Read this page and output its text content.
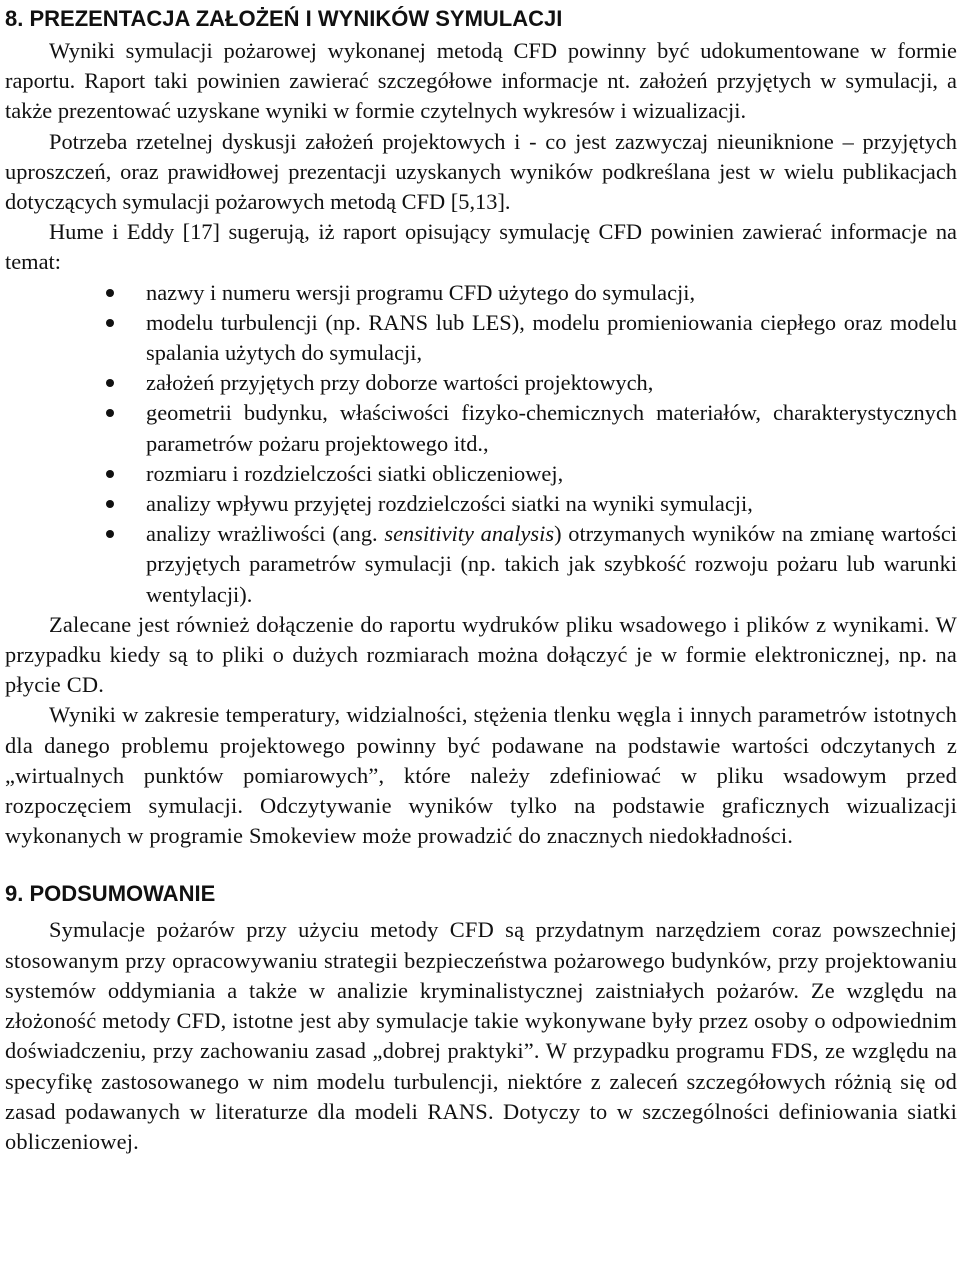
8. PREZENTACJA ZAŁOŻEŃ I WYNIKÓW SYMULACJI

Wyniki symulacji pożarowej wykonanej metodą CFD powinny być udokumentowane w formie raportu. Raport taki powinien zawierać szczegółowe informacje nt. założeń przyjętych w symulacji, a także prezentować uzyskane wyniki w formie czytelnych wykresów i wizualizacji.

Potrzeba rzetelnej dyskusji założeń projektowych i - co jest zazwyczaj nieuniknione – przyjętych uproszczeń, oraz prawidłowej prezentacji uzyskanych wyników podkreślana jest w wielu publikacjach dotyczących symulacji pożarowych metodą CFD [5,13].

Hume i Eddy [17] sugerują, iż raport opisujący symulację CFD powinien zawierać informacje na temat:

nazwy i numeru wersji programu CFD użytego do symulacji,
modelu turbulencji (np. RANS lub LES), modelu promieniowania ciepłego oraz modelu spalania użytych do symulacji,
założeń przyjętych przy doborze wartości projektowych,
geometrii budynku, właściwości fizyko-chemicznych materiałów, charakterystycznych parametrów pożaru projektowego itd.,
rozmiaru i rozdzielczości siatki obliczeniowej,
analizy wpływu przyjętej rozdzielczości siatki na wyniki symulacji,
analizy wrażliwości (ang. sensitivity analysis) otrzymanych wyników na zmianę wartości przyjętych parametrów symulacji (np. takich jak szybkość rozwoju pożaru lub warunki wentylacji).

Zalecane jest również dołączenie do raportu wydruków pliku wsadowego i plików z wynikami. W przypadku kiedy są to pliki o dużych rozmiarach można dołączyć je w formie elektronicznej, np. na płycie CD.

Wyniki w zakresie temperatury, widzialności, stężenia tlenku węgla i innych parametrów istotnych dla danego problemu projektowego powinny być podawane na podstawie wartości odczytanych z „wirtualnych punktów pomiarowych”, które należy zdefiniować w pliku wsadowym przed rozpoczęciem symulacji. Odczytywanie wyników tylko na podstawie graficznych wizualizacji wykonanych w programie Smokeview może prowadzić do znacznych niedokładności.

9. PODSUMOWANIE

Symulacje pożarów przy użyciu metody CFD są przydatnym narzędziem coraz powszechniej stosowanym przy opracowywaniu strategii bezpieczeństwa pożarowego budynków, przy projektowaniu systemów oddymiania a także w analizie kryminalistycznej zaistniałych pożarów. Ze względu na złożoność metody CFD, istotne jest aby symulacje takie wykonywane były przez osoby o odpowiednim doświadczeniu, przy zachowaniu zasad „dobrej praktyki”. W przypadku programu FDS, ze względu na specyfikę zastosowanego w nim modelu turbulencji, niektóre z zaleceń szczegółowych różnią się od zasad podawanych w literaturze dla modeli RANS. Dotyczy to w szczególności definiowania siatki obliczeniowej.
